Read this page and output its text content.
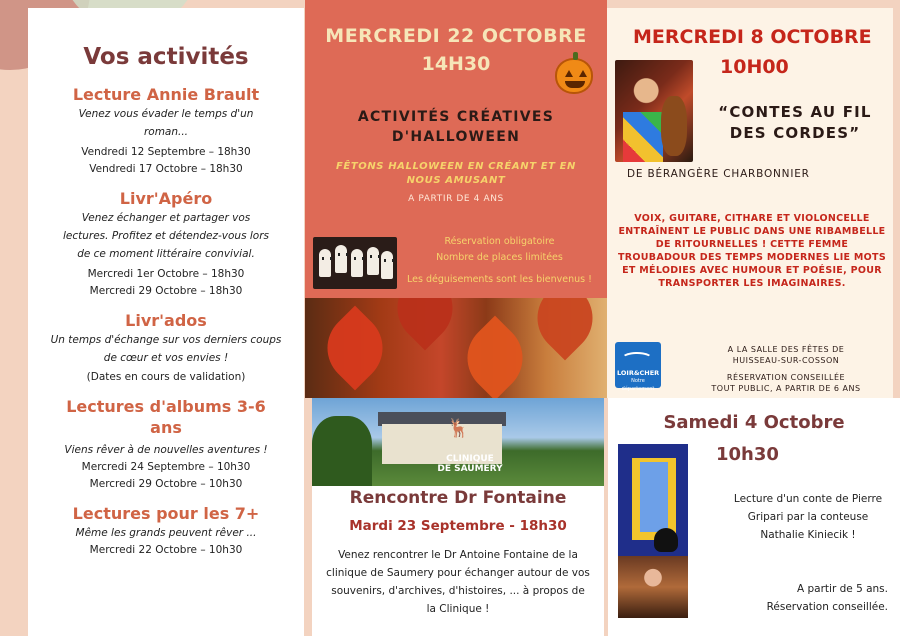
Vos activités
Lecture Annie Brault

Venez vous évader le temps d'un roman...

Vendredi 12 Septembre – 18h30

Vendredi 17 Octobre – 18h30

Livr'Apéro

Venez échanger et partager vos lectures. Profitez et détendez-vous lors de ce moment littéraire convivial.

Mercredi 1er Octobre – 18h30

Mercredi 29 Octobre – 18h30

Livr'ados

Un temps d'échange sur vos derniers coups de cœur et vos envies !

(Dates en cours de validation)

Lectures d'albums 3-6 ans

Viens rêver à de nouvelles aventures !

Mercredi 24 Septembre – 10h30

Mercredi 29 Octobre – 10h30

Lectures pour les 7+

Même les grands peuvent rêver ...

Mercredi 22 Octobre – 10h30

MERCREDI 22 OCTOBRE

14H30

ACTIVITÉS CRÉATIVES D'HALLOWEEN

FÊTONS HALLOWEEN EN CRÉANT ET EN NOUS AMUSANT

A PARTIR DE 4 ANS

Réservation obligatoire

Nombre de places limitées

Les déguisements sont les bienvenus !

MERCREDI 8 OCTOBRE

10H00

“CONTES AU FIL DES CORDES”

DE BÉRANGÈRE CHARBONNIER

VOIX, GUITARE, CITHARE ET VIOLONCELLE ENTRAÎNENT LE PUBLIC DANS UNE RIBAMBELLE DE RITOURNELLES ! CETTE FEMME TROUBADOUR DES TEMPS MODERNES LIE MOTS ET MÉLODIES AVEC HUMOUR ET POÉSIE, POUR TRANSPORTER LES IMAGINAIRES.

LOIR&CHER
Notre département

A LA SALLE DES FÊTES DE

HUISSEAU-SUR-COSSON

RÉSERVATION CONSEILLÉE

TOUT PUBLIC, A PARTIR DE 6 ANS

🦌
CLINIQUE
DE SAUMERY

Rencontre Dr Fontaine

Mardi 23 Septembre - 18h30

Venez rencontrer le Dr Antoine Fontaine de la clinique de Saumery pour échanger autour de vos souvenirs, d'archives, d'histoires, ... à propos de la Clinique !

Samedi 4 Octobre

10h30

Lecture d'un conte de Pierre Gripari par la conteuse Nathalie Kiniecik !

A partir de 5 ans.

Réservation conseillée.
